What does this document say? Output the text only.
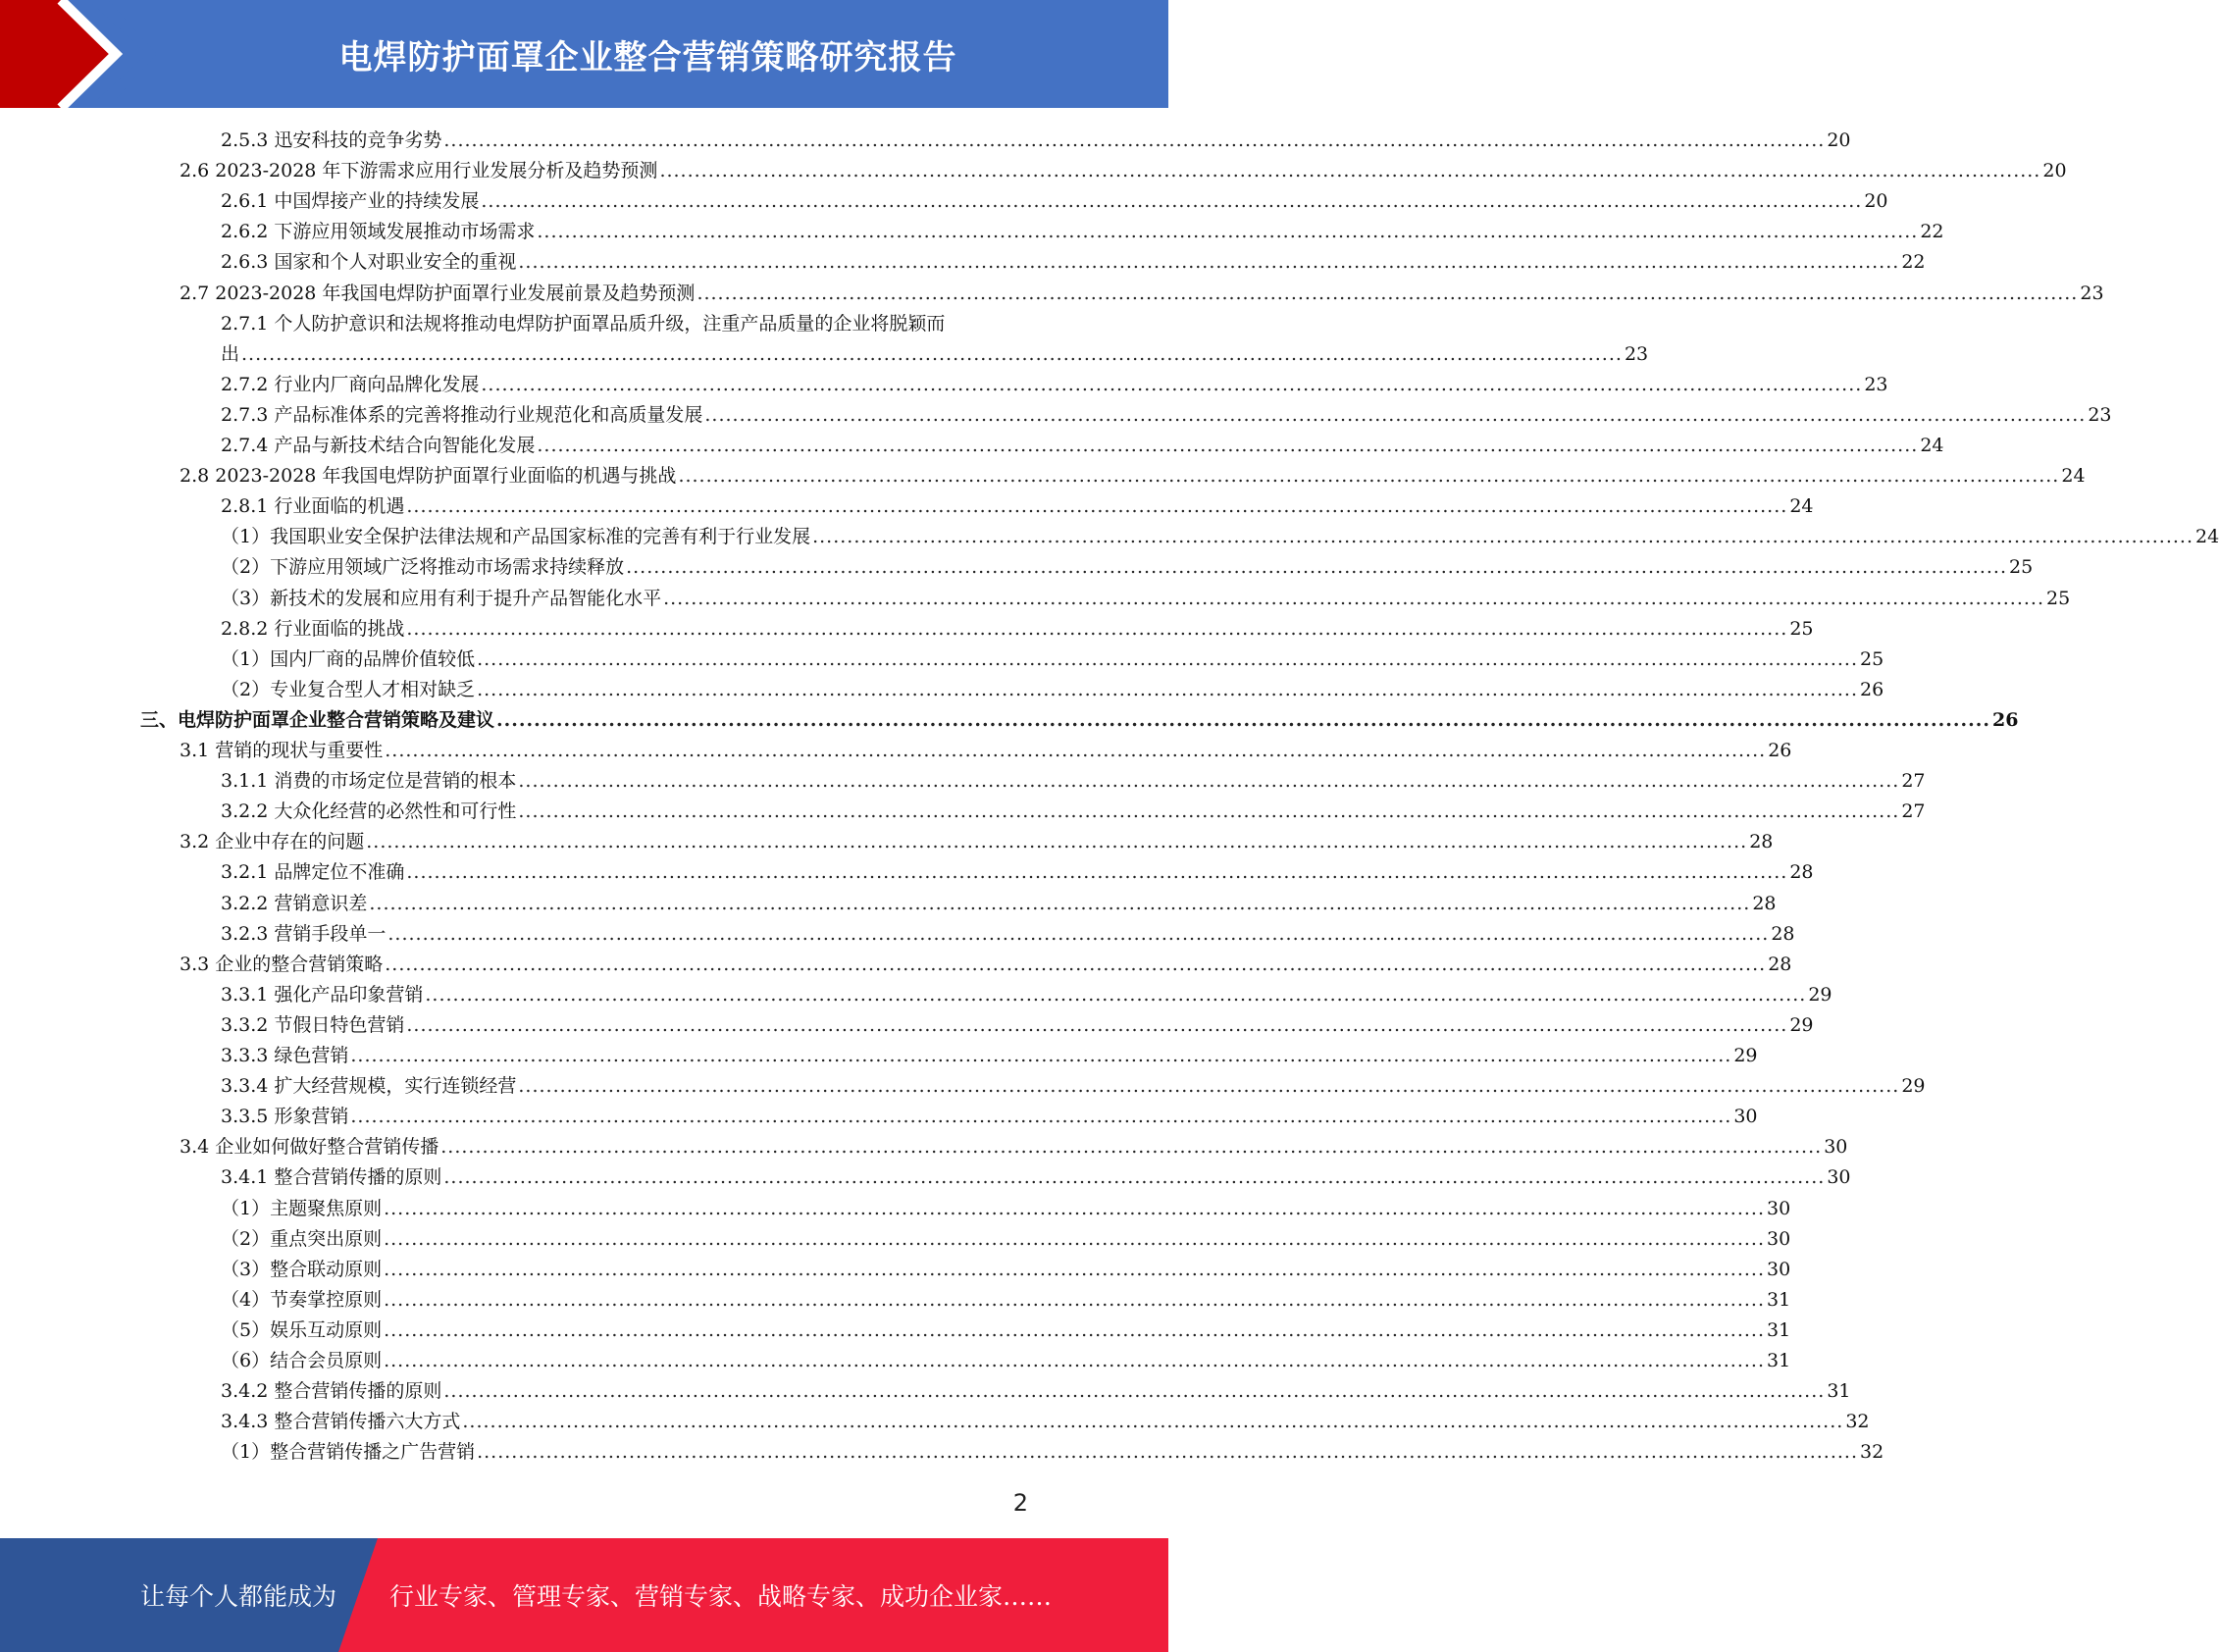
电焊防护面罩企业整合营销策略研究报告
2.5.3 迅安科技的竞争劣势 ........................................................................................................................................................................................................ 20
2.6 2023-2028 年下游需求应用行业发展分析及趋势预测 ........................................................................................................................................................................................................ 20
2.6.1 中国焊接产业的持续发展 ........................................................................................................................................................................................................ 20
2.6.2 下游应用领域发展推动市场需求 ........................................................................................................................................................................................................ 22
2.6.3 国家和个人对职业安全的重视 ........................................................................................................................................................................................................ 22
2.7 2023-2028 年我国电焊防护面罩行业发展前景及趋势预测 ........................................................................................................................................................................................................ 23
2.7.1 个人防护意识和法规将推动电焊防护面罩品质升级，注重产品质量的企业将脱颖而
出 ........................................................................................................................................................................................................ 23
2.7.2 行业内厂商向品牌化发展 ........................................................................................................................................................................................................ 23
2.7.3 产品标准体系的完善将推动行业规范化和高质量发展 ........................................................................................................................................................................................................ 23
2.7.4 产品与新技术结合向智能化发展 ........................................................................................................................................................................................................ 24
2.8 2023-2028 年我国电焊防护面罩行业面临的机遇与挑战 ........................................................................................................................................................................................................ 24
2.8.1 行业面临的机遇 ........................................................................................................................................................................................................ 24
（1）我国职业安全保护法律法规和产品国家标准的完善有利于行业发展 ........................................................................................................................................................................................................ 24
（2）下游应用领域广泛将推动市场需求持续释放 ........................................................................................................................................................................................................ 25
（3）新技术的发展和应用有利于提升产品智能化水平 ........................................................................................................................................................................................................ 25
2.8.2 行业面临的挑战 ........................................................................................................................................................................................................ 25
（1）国内厂商的品牌价值较低 ........................................................................................................................................................................................................ 25
（2）专业复合型人才相对缺乏 ........................................................................................................................................................................................................ 26
三、电焊防护面罩企业整合营销策略及建议 ........................................................................................................................................................................................................ 26
3.1 营销的现状与重要性 ........................................................................................................................................................................................................ 26
3.1.1 消费的市场定位是营销的根本 ........................................................................................................................................................................................................ 27
3.2.2 大众化经营的必然性和可行性 ........................................................................................................................................................................................................ 27
3.2 企业中存在的问题 ........................................................................................................................................................................................................ 28
3.2.1 品牌定位不准确 ........................................................................................................................................................................................................ 28
3.2.2 营销意识差 ........................................................................................................................................................................................................ 28
3.2.3 营销手段单一 ........................................................................................................................................................................................................ 28
3.3 企业的整合营销策略 ........................................................................................................................................................................................................ 28
3.3.1 强化产品印象营销 ........................................................................................................................................................................................................ 29
3.3.2 节假日特色营销 ........................................................................................................................................................................................................ 29
3.3.3 绿色营销 ........................................................................................................................................................................................................ 29
3.3.4 扩大经营规模，实行连锁经营 ........................................................................................................................................................................................................ 29
3.3.5 形象营销 ........................................................................................................................................................................................................ 30
3.4 企业如何做好整合营销传播 ........................................................................................................................................................................................................ 30
3.4.1 整合营销传播的原则 ........................................................................................................................................................................................................ 30
（1）主题聚焦原则 ........................................................................................................................................................................................................ 30
（2）重点突出原则 ........................................................................................................................................................................................................ 30
（3）整合联动原则 ........................................................................................................................................................................................................ 30
（4）节奏掌控原则 ........................................................................................................................................................................................................ 31
（5）娱乐互动原则 ........................................................................................................................................................................................................ 31
（6）结合会员原则 ........................................................................................................................................................................................................ 31
3.4.2 整合营销传播的原则 ........................................................................................................................................................................................................ 31
3.4.3 整合营销传播六大方式 ........................................................................................................................................................................................................ 32
（1）整合营销传播之广告营销 ........................................................................................................................................................................................................ 32
2
让每个人都能成为 行业专家、管理专家、营销专家、战略专家、成功企业家……
